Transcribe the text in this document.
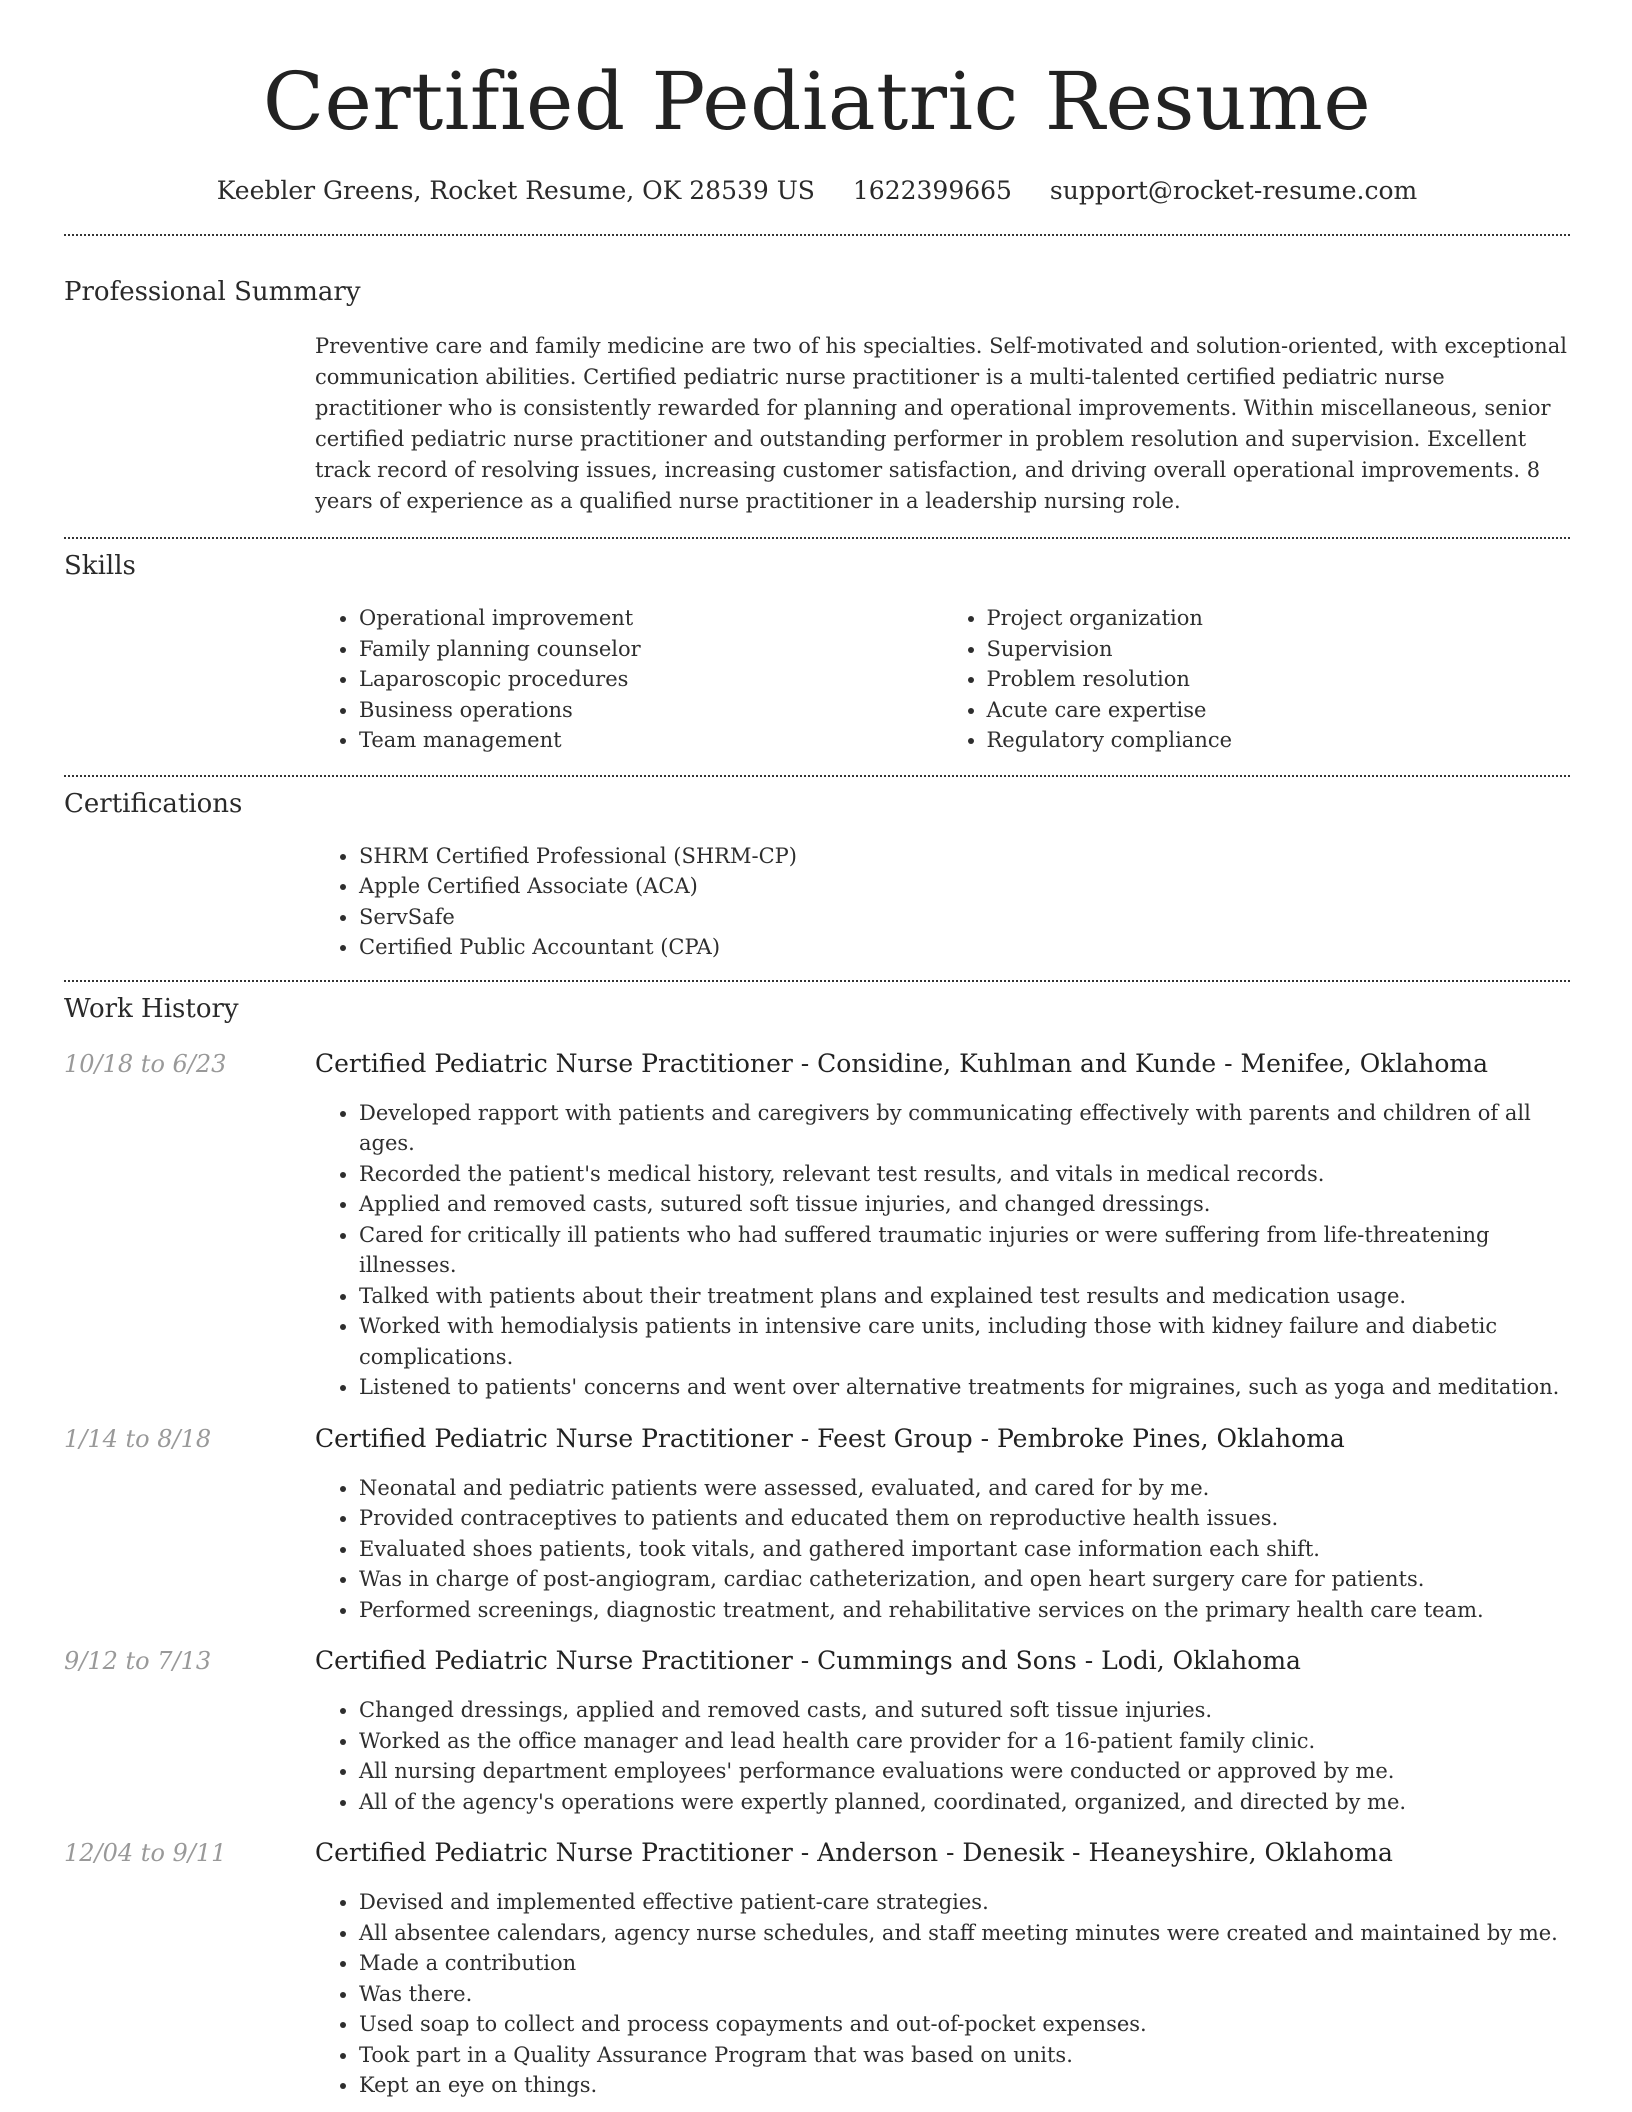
Certified Pediatric Resume
Keebler Greens, Rocket Resume, OK 28539 US 1622399665 support@rocket-resume.com
Professional Summary

Preventive care and family medicine are two of his specialties. Self-motivated and solution-oriented, with exceptional communication abilities. Certified pediatric nurse practitioner is a multi-talented certified pediatric nurse practitioner who is consistently rewarded for planning and operational improvements. Within miscellaneous, senior certified pediatric nurse practitioner and outstanding performer in problem resolution and supervision. Excellent track record of resolving issues, increasing customer satisfaction, and driving overall operational improvements. 8 years of experience as a qualified nurse practitioner in a leadership nursing role.

Skills
• Operational improvement
• Family planning counselor
• Laparoscopic procedures
• Business operations
• Team management
• Project organization
• Supervision
• Problem resolution
• Acute care expertise
• Regulatory compliance
Certifications
• SHRM Certified Professional (SHRM-CP)
• Apple Certified Associate (ACA)
• ServSafe
• Certified Public Accountant (CPA)
Work History
10/18 to 6/23	Certified Pediatric Nurse Practitioner - Considine, Kuhlman and Kunde - Menifee, Oklahoma
• Developed rapport with patients and caregivers by communicating effectively with parents and children of all ages.
• Recorded the patient's medical history, relevant test results, and vitals in medical records.
• Applied and removed casts, sutured soft tissue injuries, and changed dressings.
• Cared for critically ill patients who had suffered traumatic injuries or were suffering from life-threatening illnesses.
• Talked with patients about their treatment plans and explained test results and medication usage.
• Worked with hemodialysis patients in intensive care units, including those with kidney failure and diabetic complications.
• Listened to patients' concerns and went over alternative treatments for migraines, such as yoga and meditation.
1/14 to 8/18	Certified Pediatric Nurse Practitioner - Feest Group - Pembroke Pines, Oklahoma
• Neonatal and pediatric patients were assessed, evaluated, and cared for by me.
• Provided contraceptives to patients and educated them on reproductive health issues.
• Evaluated shoes patients, took vitals, and gathered important case information each shift.
• Was in charge of post-angiogram, cardiac catheterization, and open heart surgery care for patients.
• Performed screenings, diagnostic treatment, and rehabilitative services on the primary health care team.
9/12 to 7/13	Certified Pediatric Nurse Practitioner - Cummings and Sons - Lodi, Oklahoma
• Changed dressings, applied and removed casts, and sutured soft tissue injuries.
• Worked as the office manager and lead health care provider for a 16-patient family clinic.
• All nursing department employees' performance evaluations were conducted or approved by me.
• All of the agency's operations were expertly planned, coordinated, organized, and directed by me.
12/04 to 9/11	Certified Pediatric Nurse Practitioner - Anderson - Denesik - Heaneyshire, Oklahoma
• Devised and implemented effective patient-care strategies.
• All absentee calendars, agency nurse schedules, and staff meeting minutes were created and maintained by me.
• Made a contribution
• Was there.
• Used soap to collect and process copayments and out-of-pocket expenses.
• Took part in a Quality Assurance Program that was based on units.
• Kept an eye on things.
